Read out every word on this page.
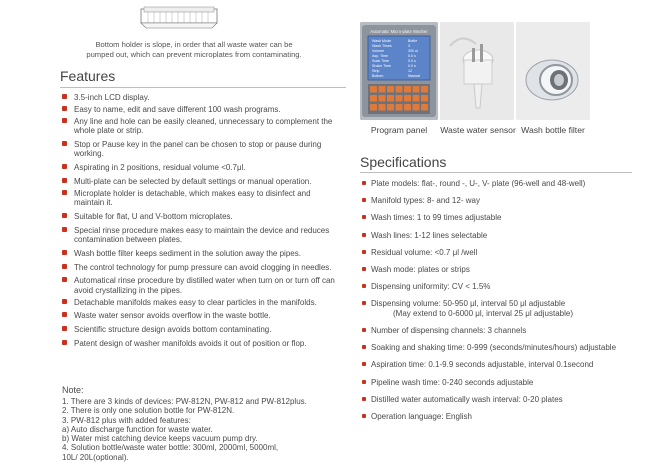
Bottom holder is slope, in order that all waste water can be
pumped out, which can prevent microplates from contaminating.
Features
3.5-inch LCD display.
Easy to name, edit and save different 100 wash programs.
Any line and hole can be easily cleaned, unnecessary to complement the
whole plate or strip.
Stop or Pause key in the panel can be chosen to stop or pause during
working.
Aspirating in 2 positions, residual volume <0.7μl.
Multi-plate can be selected by default settings or manual operation.
Microplate holder is detachable, which makes easy to disinfect and
maintain it.
Suitable for flat, U and V-bottom microplates.
Special rinse procedure makes easy to maintain the device and reduces
contamination between plates.
Wash bottle filter keeps sediment in the solution away the pipes.
The control technology for pump pressure can avoid clogging in needles.
Automatical rinse procedure by distilled water when turn on or turn off can
avoid crystallizing in the pipes.
Detachable manifolds makes easy to clear particles in the manifolds.
Waste water sensor avoids overflow in the waste bottle.
Scientific structure design avoids bottom contaminating.
Patent design of washer manifolds avoids it out of position or flop.
Note:
1. There are 3 kinds of devices: PW-812N, PW-812 and PW-812plus.
2. There is only one solution bottle for PW-812N.
3. PW-812 plus with added features:
a) Auto discharge function for waste water.
b) Water mist catching device keeps vacuum pump dry.
4. Solution bottle/waste water bottle: 300ml, 2000ml, 5000ml,
10L/ 20L(optional).
Automatic Micro-plate Washer
Wash Mode	Bottle
Wash Times	3
Volume	300 ul
Asp. Time	0.0 s
Soak Time	0.0 s
Shake Time	0.0 s
Strip	12
Bottom	Manual
Program panel	Waste water sensor Wash bottle filter
Specifications
Plate models: flat-, round -, U-, V- plate (96-well and 48-well)
Manifold types: 8- and 12- way
Wash times: 1 to 99 times adjustable
Wash lines: 1-12 lines selectable
Residual volume: <0.7 μl /well
Wash mode: plates or strips
Dispensing uniformity: CV < 1.5%
Dispensing volume: 50-950 μl, interval 50 μl adjustable
(May extend to 0-6000 μl, interval 25 μl adjustable)
Number of dispensing channels: 3 channels
Soaking and shaking time: 0-999 (seconds/minutes/hours) adjustable
Aspiration time: 0.1-9.9 seconds adjustable, interval 0.1second
Pipeline wash time: 0-240 seconds adjustable
Distilled water automatically wash interval: 0-20 plates
Operation language: English
